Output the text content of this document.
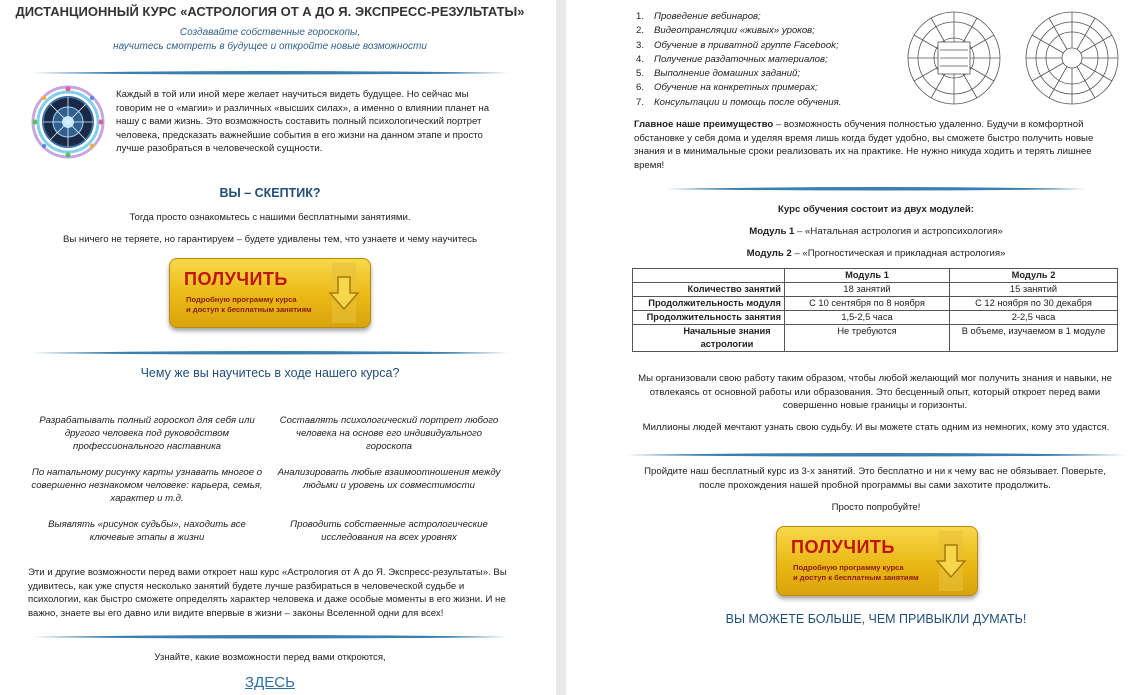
ДИСТАНЦИОННЫЙ КУРС «АСТРОЛОГИЯ ОТ А ДО Я. ЭКСПРЕСС-РЕЗУЛЬТАТЫ»
Создавайте собственные гороскопы,
научитесь смотреть в будущее и откройте новые возможности
Каждый в той или иной мере желает научиться видеть будущее. Но сейчас мы говорим не о «магии» и различных «высших силах», а именно о влиянии планет на нашу с вами жизнь. Это возможность составить полный психологический портрет человека, предсказать важнейшие события в его жизни на данном этапе и просто лучше разобраться в человеческой сущности.
ВЫ – СКЕПТИК?
Тогда просто ознакомьтесь с нашими бесплатными занятиями.
Вы ничего не теряете, но гарантируем – будете удивлены тем, что узнаете и чему научитесь
ПОЛУЧИТЬ
Подробную программу курса
и доступ к бесплатным занятиям
Чему же вы научитесь в ходе нашего курса?
Разрабатывать полный гороскоп для себя или другого человека под руководством профессионального наставника
Составлять психологический портрет любого человека на основе его индивидуального гороскопа
По натальному рисунку карты узнавать многое о совершенно незнакомом человеке: карьера, семья, характер и т.д.
Анализировать любые взаимоотношения между людьми и уровень их совместимости
Выявлять «рисунок судьбы», находить все ключевые этапы в жизни
Проводить собственные астрологические исследования на всех уровнях
Эти и другие возможности перед вами откроет наш курс «Астрология от А до Я. Экспресс-результаты». Вы удивитесь, как уже спустя несколько занятий будете лучше разбираться в человеческой судьбе и психологии, как быстро сможете определять характер человека и даже особые моменты в его жизни. И не важно, знаете вы его давно или видите впервые в жизни – законы Вселенной одни для всех!
Узнайте, какие возможности перед вами откроются,
ЗДЕСЬ
1. Проведение вебинаров;
2. Видеотрансляции «живых» уроков;
3. Обучение в приватной группе Facebook;
4. Получение раздаточных материалов;
5. Выполнение домашних заданий;
6. Обучение на конкретных примерах;
7. Консультации и помощь после обучения.
Главное наше преимущество – возможность обучения полностью удаленно. Будучи в комфортной обстановке у себя дома и уделяя время лишь когда будет удобно, вы сможете быстро получить новые знания и в минимальные сроки реализовать их на практике. Не нужно никуда ходить и терять лишнее время!
Курс обучения состоит из двух модулей:
Модуль 1 – «Натальная астрология и астропсихология»
Модуль 2 – «Прогностическая и прикладная астрология»
	Модуль 1	Модуль 2
Количество занятий	18 занятий	15 занятий
Продолжительность модуля	С 10 сентября по 8 ноября	С 12 ноября по 30 декабря
Продолжительность занятия	1,5-2,5 часа	2-2,5 часа
Начальные знания астрологии	Не требуются	В объеме, изучаемом в 1 модуле
Мы организовали свою работу таким образом, чтобы любой желающий мог получить знания и навыки, не отвлекаясь от основной работы или образования. Это бесценный опыт, который откроет перед вами совершенно новые границы и горизонты.
Миллионы людей мечтают узнать свою судьбу. И вы можете стать одним из немногих, кому это удастся.
Пройдите наш бесплатный курс из 3-х занятий. Это бесплатно и ни к чему вас не обязывает. Поверьте, после прохождения нашей пробной программы вы сами захотите продолжить.
Просто попробуйте!
ПОЛУЧИТЬ
Подробную программу курса
и доступ к бесплатным занятиям
ВЫ МОЖЕТЕ БОЛЬШЕ, ЧЕМ ПРИВЫКЛИ ДУМАТЬ!
